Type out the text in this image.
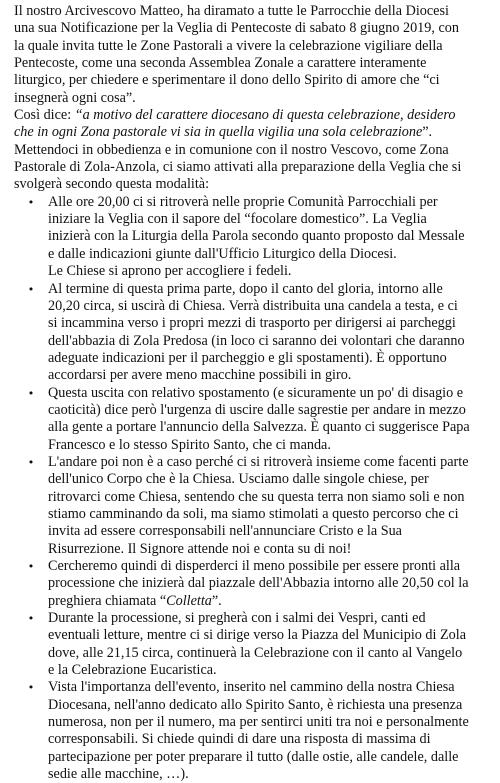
Il nostro Arcivescovo Matteo, ha diramato a tutte le Parrocchie della Diocesi
una sua Notificazione per la Veglia di Pentecoste di sabato 8 giugno 2019, con
la quale invita tutte le Zone Pastorali a vivere la celebrazione vigiliare della
Pentecoste, come una seconda Assemblea Zonale a carattere interamente
liturgico, per chiedere e sperimentare il dono dello Spirito di amore che “ci
insegnerà ogni cosa”.
Così dice: “a motivo del carattere diocesano di questa celebrazione, desidero
che in ogni Zona pastorale vi sia in quella vigilia una sola celebrazione”.
Mettendoci in obbedienza e in comunione con il nostro Vescovo, come Zona
Pastorale di Zola-Anzola, ci siamo attivati alla preparazione della Veglia che si
svolgerà secondo questa modalità:
• Alle ore 20,00 ci si ritroverà nelle proprie Comunità Parrocchiali per
iniziare la Veglia con il sapore del “focolare domestico”. La Veglia
inizierà con la Liturgia della Parola secondo quanto proposto dal Messale
e dalle indicazioni giunte dall'Ufficio Liturgico della Diocesi.
Le Chiese si aprono per accogliere i fedeli.
• Al termine di questa prima parte, dopo il canto del gloria, intorno alle
20,20 circa, si uscirà di Chiesa. Verrà distribuita una candela a testa, e ci
si incammina verso i propri mezzi di trasporto per dirigersi ai parcheggi
dell'abbazia di Zola Predosa (in loco ci saranno dei volontari che daranno
adeguate indicazioni per il parcheggio e gli spostamenti). È opportuno
accordarsi per avere meno macchine possibili in giro.
• Questa uscita con relativo spostamento (e sicuramente un po' di disagio e
caoticità) dice però l'urgenza di uscire dalle sagrestie per andare in mezzo
alla gente a portare l'annuncio della Salvezza. È quanto ci suggerisce Papa
Francesco e lo stesso Spirito Santo, che ci manda.
• L'andare poi non è a caso perché ci si ritroverà insieme come facenti parte
dell'unico Corpo che è la Chiesa. Usciamo dalle singole chiese, per
ritrovarci come Chiesa, sentendo che su questa terra non siamo soli e non
stiamo camminando da soli, ma siamo stimolati a questo percorso che ci
invita ad essere corresponsabili nell'annunciare Cristo e la Sua
Risurrezione. Il Signore attende noi e conta su di noi!
• Cercheremo quindi di disperderci il meno possibile per essere pronti alla
processione che inizierà dal piazzale dell'Abbazia intorno alle 20,50 col la
preghiera chiamata “Colletta”.
• Durante la processione, si pregherà con i salmi dei Vespri, canti ed
eventuali letture, mentre ci si dirige verso la Piazza del Municipio di Zola
dove, alle 21,15 circa, continuerà la Celebrazione con il canto al Vangelo
e la Celebrazione Eucaristica.
• Vista l'importanza dell'evento, inserito nel cammino della nostra Chiesa
Diocesana, nell'anno dedicato allo Spirito Santo, è richiesta una presenza
numerosa, non per il numero, ma per sentirci uniti tra noi e personalmente
corresponsabili. Si chiede quindi di dare una risposta di massima di
partecipazione per poter preparare il tutto (dalle ostie, alle candele, dalle
sedie alle macchine, …).
